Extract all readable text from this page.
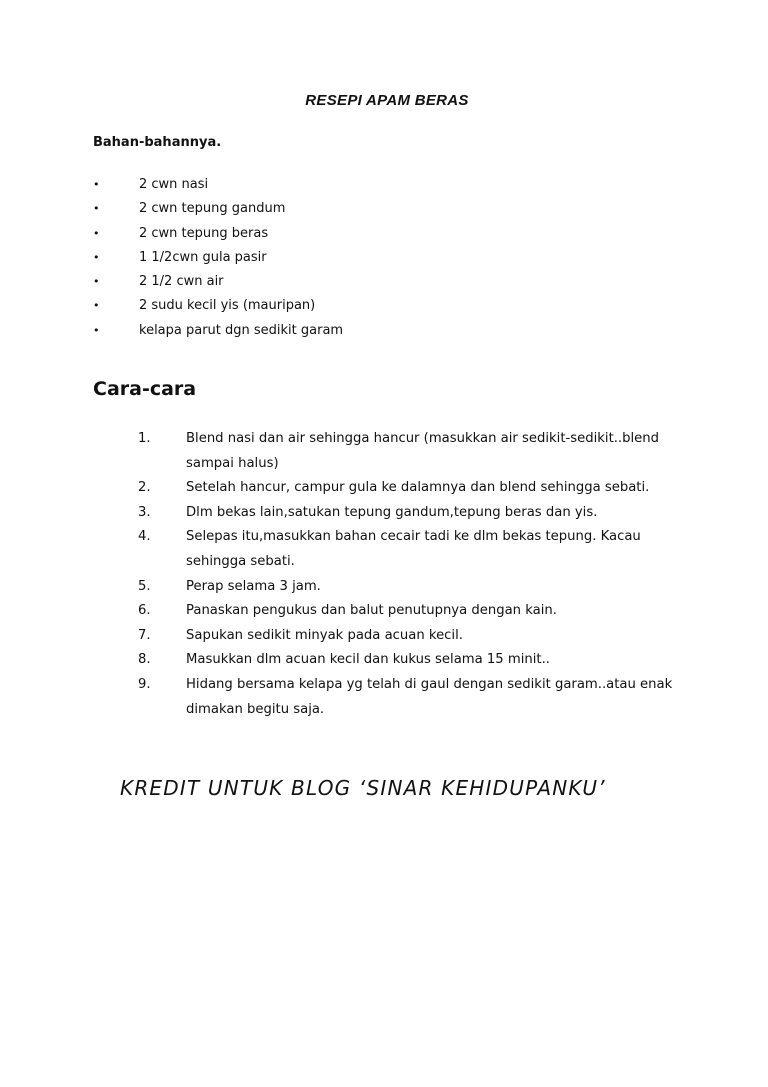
RESEPI APAM BERAS
Bahan-bahannya.
•	2 cwn nasi
•	2 cwn tepung gandum
•	2 cwn tepung beras
•	1 1/2cwn gula pasir
•	2 1/2 cwn air
•	2 sudu kecil yis (mauripan)
•	kelapa parut dgn sedikit garam
Cara-cara
1.	Blend nasi dan air sehingga hancur (masukkan air sedikit-sedikit..blend sampai halus)
2.	Setelah hancur, campur gula ke dalamnya dan blend sehingga sebati.
3.	Dlm bekas lain,satukan tepung gandum,tepung beras dan yis.
4.	Selepas itu,masukkan bahan cecair tadi ke dlm bekas tepung. Kacau sehingga sebati.
5.	Perap selama 3 jam.
6.	Panaskan pengukus dan balut penutupnya dengan kain.
7.	Sapukan sedikit minyak pada acuan kecil.
8.	Masukkan dlm acuan kecil dan kukus selama 15 minit..
9.	Hidang bersama kelapa yg telah di gaul dengan sedikit garam..atau enak dimakan begitu saja.
KREDIT UNTUK BLOG ‘SINAR KEHIDUPANKU’
